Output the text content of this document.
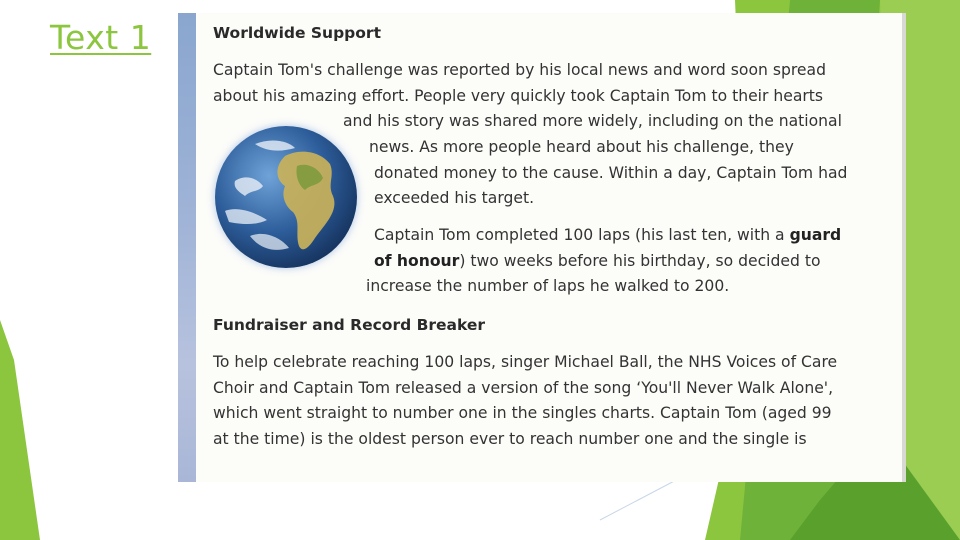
Text 1	Worldwide Support
Captain Tom's challenge was reported by his local news and word soon spread
about his amazing effort. People very quickly took Captain Tom to their hearts
and his story was shared more widely, including on the national
news. As more people heard about his challenge, they
donated money to the cause. Within a day, Captain Tom had
exceeded his target.
Captain Tom completed 100 laps (his last ten, with a guard
of honour) two weeks before his birthday, so decided to
increase the number of laps he walked to 200.
Fundraiser and Record Breaker
To help celebrate reaching 100 laps, singer Michael Ball, the NHS Voices of Care
Choir and Captain Tom released a version of the song ‘You'll Never Walk Alone',
which went straight to number one in the singles charts. Captain Tom (aged 99
at the time) is the oldest person ever to reach number one and the single is
